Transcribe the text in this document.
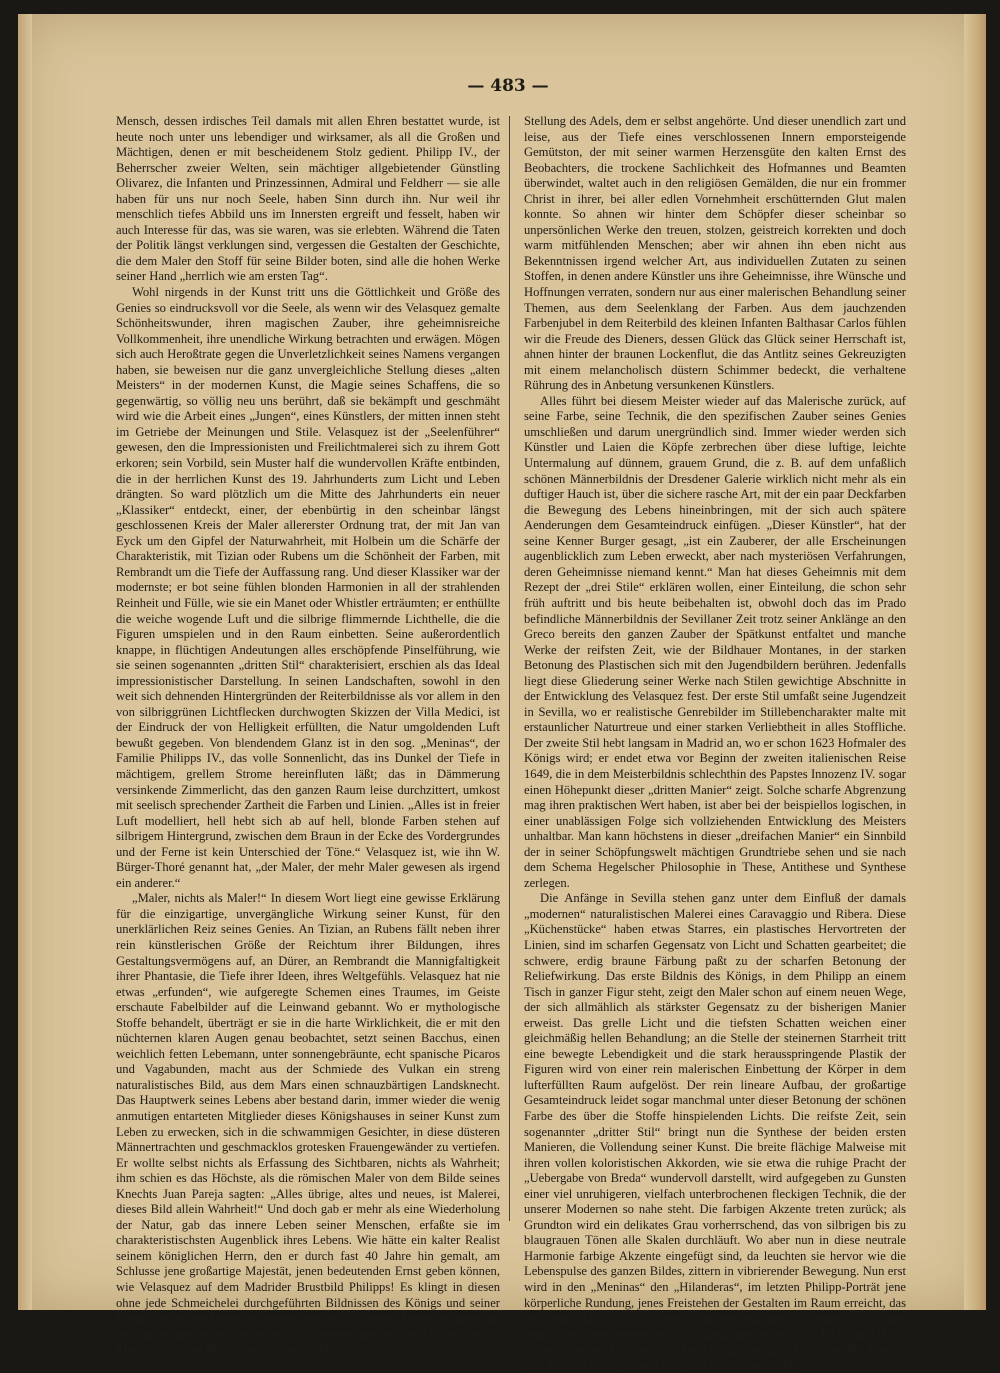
— 483 —

Mensch, dessen irdisches Teil damals mit allen Ehren bestattet wurde, ist heute noch unter uns lebendiger und wirksamer, als all die Großen und Mächtigen, denen er mit bescheidenem Stolz gedient. Philipp IV., der Beherrscher zweier Welten, sein mächtiger allgebietender Günstling Olivarez, die Infanten und Prinzessinnen, Admiral und Feldherr — sie alle haben für uns nur noch Seele, haben Sinn durch ihn. Nur weil ihr menschlich tiefes Abbild uns im Innersten ergreift und fesselt, haben wir auch Interesse für das, was sie waren, was sie erlebten. Während die Taten der Politik längst verklungen sind, vergessen die Gestalten der Geschichte, die dem Maler den Stoff für seine Bilder boten, sind alle die hohen Werke seiner Hand „herrlich wie am ersten Tag“.

Wohl nirgends in der Kunst tritt uns die Göttlichkeit und Größe des Genies so eindrucksvoll vor die Seele, als wenn wir des Velasquez gemalte Schönheitswunder, ihren magischen Zauber, ihre geheimnisreiche Vollkommenheit, ihre unendliche Wirkung betrachten und erwägen. Mögen sich auch Heroßtrate gegen die Unverletzlichkeit seines Namens vergangen haben, sie beweisen nur die ganz unvergleichliche Stellung dieses „alten Meisters“ in der modernen Kunst, die Magie seines Schaffens, die so gegenwärtig, so völlig neu uns berührt, daß sie bekämpft und geschmäht wird wie die Arbeit eines „Jungen“, eines Künstlers, der mitten innen steht im Getriebe der Meinungen und Stile. Velasquez ist der „Seelenführer“ gewesen, den die Impressionisten und Freilichtmalerei sich zu ihrem Gott erkoren; sein Vorbild, sein Muster half die wundervollen Kräfte entbinden, die in der herrlichen Kunst des 19. Jahrhunderts zum Licht und Leben drängten. So ward plötzlich um die Mitte des Jahrhunderts ein neuer „Klassiker“ entdeckt, einer, der ebenbürtig in den scheinbar längst geschlossenen Kreis der Maler allererster Ordnung trat, der mit Jan van Eyck um den Gipfel der Naturwahrheit, mit Holbein um die Schärfe der Charakteristik, mit Tizian oder Rubens um die Schönheit der Farben, mit Rembrandt um die Tiefe der Auffassung rang. Und dieser Klassiker war der modernste; er bot seine fühlen blonden Harmonien in all der strahlenden Reinheit und Fülle, wie sie ein Manet oder Whistler erträumten; er enthüllte die weiche wogende Luft und die silbrige flimmernde Lichthelle, die die Figuren umspielen und in den Raum einbetten. Seine außerordentlich knappe, in flüchtigen Andeutungen alles erschöpfende Pinselführung, wie sie seinen sogenannten „dritten Stil“ charakterisiert, erschien als das Ideal impressionistischer Darstellung. In seinen Landschaften, sowohl in den weit sich dehnenden Hintergründen der Reiterbildnisse als vor allem in den von silbriggrünen Lichtflecken durchwogten Skizzen der Villa Medici, ist der Eindruck der von Helligkeit erfüllten, die Natur umgoldenden Luft bewußt gegeben. Von blendendem Glanz ist in den sog. „Meninas“, der Familie Philipps IV., das volle Sonnenlicht, das ins Dunkel der Tiefe in mächtigem, grellem Strome hereinfluten läßt; das in Dämmerung versinkende Zimmerlicht, das den ganzen Raum leise durchzittert, umkost mit seelisch sprechender Zartheit die Farben und Linien. „Alles ist in freier Luft modelliert, hell hebt sich ab auf hell, blonde Farben stehen auf silbrigem Hintergrund, zwischen dem Braun in der Ecke des Vordergrundes und der Ferne ist kein Unterschied der Töne.“ Velasquez ist, wie ihn W. Bürger-Thoré genannt hat, „der Maler, der mehr Maler gewesen als irgend ein anderer.“

„Maler, nichts als Maler!“ In diesem Wort liegt eine gewisse Erklärung für die einzigartige, unvergängliche Wirkung seiner Kunst, für den unerklärlichen Reiz seines Genies. An Tizian, an Rubens fällt neben ihrer rein künstlerischen Größe der Reichtum ihrer Bildungen, ihres Gestaltungsvermögens auf, an Dürer, an Rembrandt die Mannigfaltigkeit ihrer Phantasie, die Tiefe ihrer Ideen, ihres Weltgefühls. Velasquez hat nie etwas „erfunden“, wie aufgeregte Schemen eines Traumes, im Geiste erschaute Fabelbilder auf die Leinwand gebannt. Wo er mythologische Stoffe behandelt, überträgt er sie in die harte Wirklichkeit, die er mit den nüchternen klaren Augen genau beobachtet, setzt seinen Bacchus, einen weichlich fetten Lebemann, unter sonnengebräunte, echt spanische Picaros und Vagabunden, macht aus der Schmiede des Vulkan ein streng naturalistisches Bild, aus dem Mars einen schnauzbärtigen Landsknecht. Das Hauptwerk seines Lebens aber bestand darin, immer wieder die wenig anmutigen entarteten Mitglieder dieses Königshauses in seiner Kunst zum Leben zu erwecken, sich in die schwammigen Gesichter, in diese düsteren Männertrachten und geschmacklos grotesken Frauengewänder zu vertiefen. Er wollte selbst nichts als Erfassung des Sichtbaren, nichts als Wahrheit; ihm schien es das Höchste, als die römischen Maler von dem Bilde seines Knechts Juan Pareja sagten: „Alles übrige, altes und neues, ist Malerei, dieses Bild allein Wahrheit!“ Und doch gab er mehr als eine Wiederholung der Natur, gab das innere Leben seiner Menschen, erfaßte sie im charakteristischsten Augenblick ihres Lebens. Wie hätte ein kalter Realist seinem königlichen Herrn, den er durch fast 40 Jahre hin gemalt, am Schlusse jene großartige Majestät, jenen bedeutenden Ernst geben können, wie Velasquez auf dem Madrider Brustbild Philipps! Es klingt in diesen ohne jede Schmeichelei durchgeführten Bildnissen des Königs und seiner Kinder die tiefste Liebe des treuen Spaniers zu seinem Herrscherhause an, der unerschütterliche Glaube an das Gottesgnadentum der Fürsten, an die Macht des reinen Blutes, an die auserwählte

Stellung des Adels, dem er selbst angehörte. Und dieser unendlich zart und leise, aus der Tiefe eines verschlossenen Innern emporsteigende Gemütston, der mit seiner warmen Herzensgüte den kalten Ernst des Beobachters, die trockene Sachlichkeit des Hofmannes und Beamten überwindet, waltet auch in den religiösen Gemälden, die nur ein frommer Christ in ihrer, bei aller edlen Vornehmheit erschütternden Glut malen konnte. So ahnen wir hinter dem Schöpfer dieser scheinbar so unpersönlichen Werke den treuen, stolzen, geistreich korrekten und doch warm mitfühlenden Menschen; aber wir ahnen ihn eben nicht aus Bekenntnissen irgend welcher Art, aus individuellen Zutaten zu seinen Stoffen, in denen andere Künstler uns ihre Geheimnisse, ihre Wünsche und Hoffnungen verraten, sondern nur aus einer malerischen Behandlung seiner Themen, aus dem Seelenklang der Farben. Aus dem jauchzenden Farbenjubel in dem Reiterbild des kleinen Infanten Balthasar Carlos fühlen wir die Freude des Dieners, dessen Glück das Glück seiner Herrschaft ist, ahnen hinter der braunen Lockenflut, die das Antlitz seines Gekreuzigten mit einem melancholisch düstern Schimmer bedeckt, die verhaltene Rührung des in Anbetung versunkenen Künstlers.

Alles führt bei diesem Meister wieder auf das Malerische zurück, auf seine Farbe, seine Technik, die den spezifischen Zauber seines Genies umschließen und darum unergründlich sind. Immer wieder werden sich Künstler und Laien die Köpfe zerbrechen über diese luftige, leichte Untermalung auf dünnem, grauem Grund, die z. B. auf dem unfaßlich schönen Männerbildnis der Dresdener Galerie wirklich nicht mehr als ein duftiger Hauch ist, über die sichere rasche Art, mit der ein paar Deckfarben die Bewegung des Lebens hineinbringen, mit der sich auch spätere Aenderungen dem Gesamteindruck einfügen. „Dieser Künstler“, hat der seine Kenner Burger gesagt, „ist ein Zauberer, der alle Erscheinungen augenblicklich zum Leben erweckt, aber nach mysteriösen Verfahrungen, deren Geheimnisse niemand kennt.“ Man hat dieses Geheimnis mit dem Rezept der „drei Stile“ erklären wollen, einer Einteilung, die schon sehr früh auftritt und bis heute beibehalten ist, obwohl doch das im Prado befindliche Männerbildnis der Sevillaner Zeit trotz seiner Anklänge an den Greco bereits den ganzen Zauber der Spätkunst entfaltet und manche Werke der reifsten Zeit, wie der Bildhauer Montanes, in der starken Betonung des Plastischen sich mit den Jugendbildern berühren. Jedenfalls liegt diese Gliederung seiner Werke nach Stilen gewichtige Abschnitte in der Entwicklung des Velasquez fest. Der erste Stil umfaßt seine Jugendzeit in Sevilla, wo er realistische Genrebilder im Stillebencharakter malte mit erstaunlicher Naturtreue und einer starken Verliebtheit in alles Stoffliche. Der zweite Stil hebt langsam in Madrid an, wo er schon 1623 Hofmaler des Königs wird; er endet etwa vor Beginn der zweiten italienischen Reise 1649, die in dem Meisterbildnis schlechthin des Papstes Innozenz IV. sogar einen Höhepunkt dieser „dritten Manier“ zeigt. Solche scharfe Abgrenzung mag ihren praktischen Wert haben, ist aber bei der beispiellos logischen, in einer unablässigen Folge sich vollziehenden Entwicklung des Meisters unhaltbar. Man kann höchstens in dieser „dreifachen Manier“ ein Sinnbild der in seiner Schöpfungswelt mächtigen Grundtriebe sehen und sie nach dem Schema Hegelscher Philosophie in These, Antithese und Synthese zerlegen.

Die Anfänge in Sevilla stehen ganz unter dem Einfluß der damals „modernen“ naturalistischen Malerei eines Caravaggio und Ribera. Diese „Küchenstücke“ haben etwas Starres, ein plastisches Hervortreten der Linien, sind im scharfen Gegensatz von Licht und Schatten gearbeitet; die schwere, erdig braune Färbung paßt zu der scharfen Betonung der Reliefwirkung. Das erste Bildnis des Königs, in dem Philipp an einem Tisch in ganzer Figur steht, zeigt den Maler schon auf einem neuen Wege, der sich allmählich als stärkster Gegensatz zu der bisherigen Manier erweist. Das grelle Licht und die tiefsten Schatten weichen einer gleichmäßig hellen Behandlung; an die Stelle der steinernen Starrheit tritt eine bewegte Lebendigkeit und die stark herausspringende Plastik der Figuren wird von einer rein malerischen Einbettung der Körper in dem lufterfüllten Raum aufgelöst. Der rein lineare Aufbau, der großartige Gesamteindruck leidet sogar manchmal unter dieser Betonung der schönen Farbe des über die Stoffe hinspielenden Lichts. Die reifste Zeit, sein sogenannter „dritter Stil“ bringt nun die Synthese der beiden ersten Manieren, die Vollendung seiner Kunst. Die breite flächige Malweise mit ihren vollen koloristischen Akkorden, wie sie etwa die ruhige Pracht der „Uebergabe von Breda“ wundervoll darstellt, wird aufgegeben zu Gunsten einer viel unruhigeren, vielfach unterbrochenen fleckigen Technik, die der unserer Modernen so nahe steht. Die farbigen Akzente treten zurück; als Grundton wird ein delikates Grau vorherrschend, das von silbrigen bis zu blaugrauen Tönen alle Skalen durchläuft. Wo aber nun in diese neutrale Harmonie farbige Akzente eingefügt sind, da leuchten sie hervor wie die Lebenspulse des ganzen Bildes, zittern in vibrierender Bewegung. Nun erst wird in den „Meninas“ den „Hilanderas“, im letzten Philipp-Porträt jene körperliche Rundung, jenes Freistehen der Gestalten im Raum erreicht, das der junge Maler durch schwere Schattenwirkungen erzwingen wollte; aber seine Menschen stehen nun da, ganz umflossen von Licht und Luft, getrennt und doch verbunden durch die großartigste Erfassung des Raums, rein malerisch zur vollsten Körperlichkeit erweckt. Die
